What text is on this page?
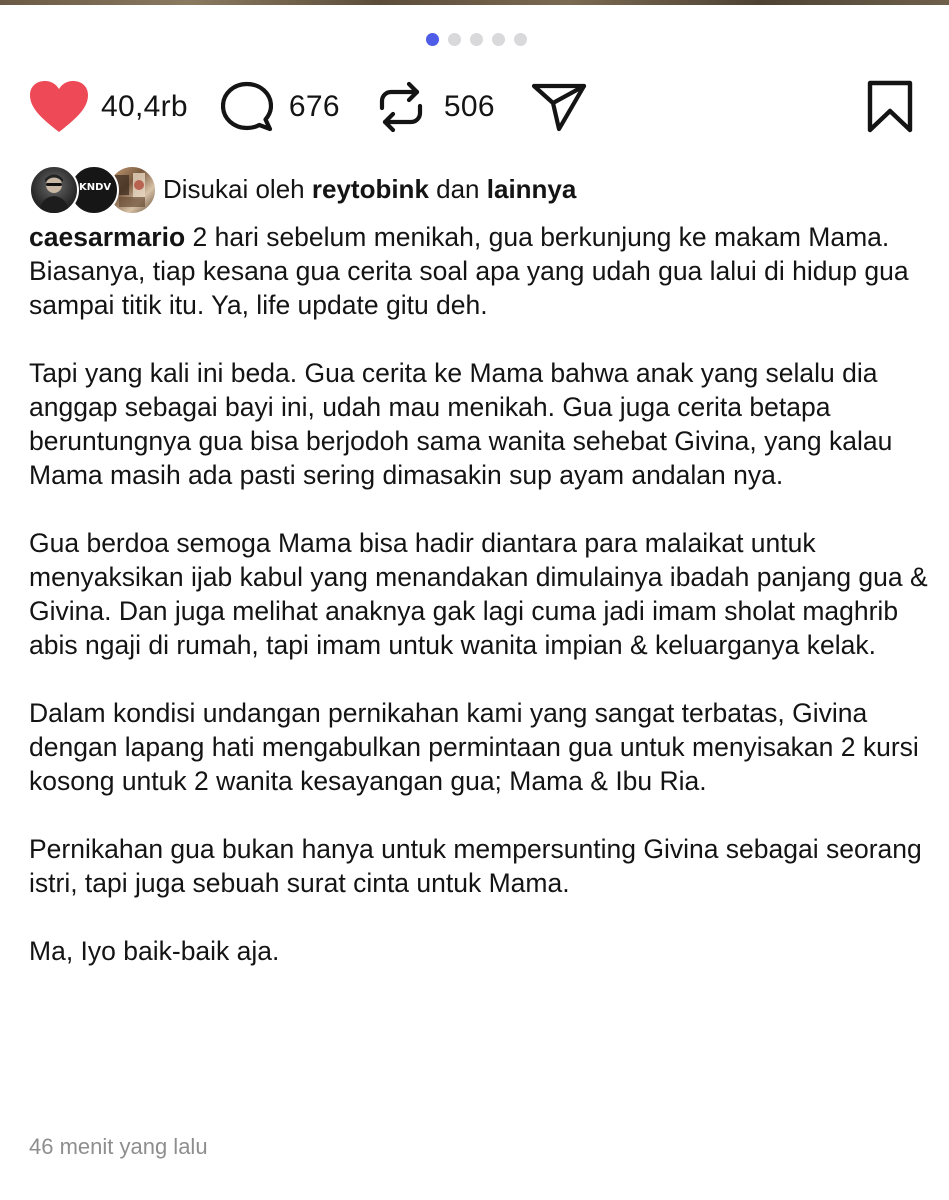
40,4rb	676	506
KNDV Disukai oleh reytobink dan lainnya

caesarmario 2 hari sebelum menikah, gua berkunjung ke makam Mama. Biasanya, tiap kesana gua cerita soal apa yang udah gua lalui di hidup gua sampai titik itu. Ya, life update gitu deh.

Tapi yang kali ini beda. Gua cerita ke Mama bahwa anak yang selalu dia anggap sebagai bayi ini, udah mau menikah. Gua juga cerita betapa beruntungnya gua bisa berjodoh sama wanita sehebat Givina, yang kalau Mama masih ada pasti sering dimasakin sup ayam andalan nya.

Gua berdoa semoga Mama bisa hadir diantara para malaikat untuk menyaksikan ijab kabul yang menandakan dimulainya ibadah panjang gua & Givina. Dan juga melihat anaknya gak lagi cuma jadi imam sholat maghrib abis ngaji di rumah, tapi imam untuk wanita impian & keluarganya kelak.

Dalam kondisi undangan pernikahan kami yang sangat terbatas, Givina dengan lapang hati mengabulkan permintaan gua untuk menyisakan 2 kursi kosong untuk 2 wanita kesayangan gua; Mama & Ibu Ria.

Pernikahan gua bukan hanya untuk mempersunting Givina sebagai seorang istri, tapi juga sebuah surat cinta untuk Mama.

Ma, Iyo baik-baik aja.

46 menit yang lalu
